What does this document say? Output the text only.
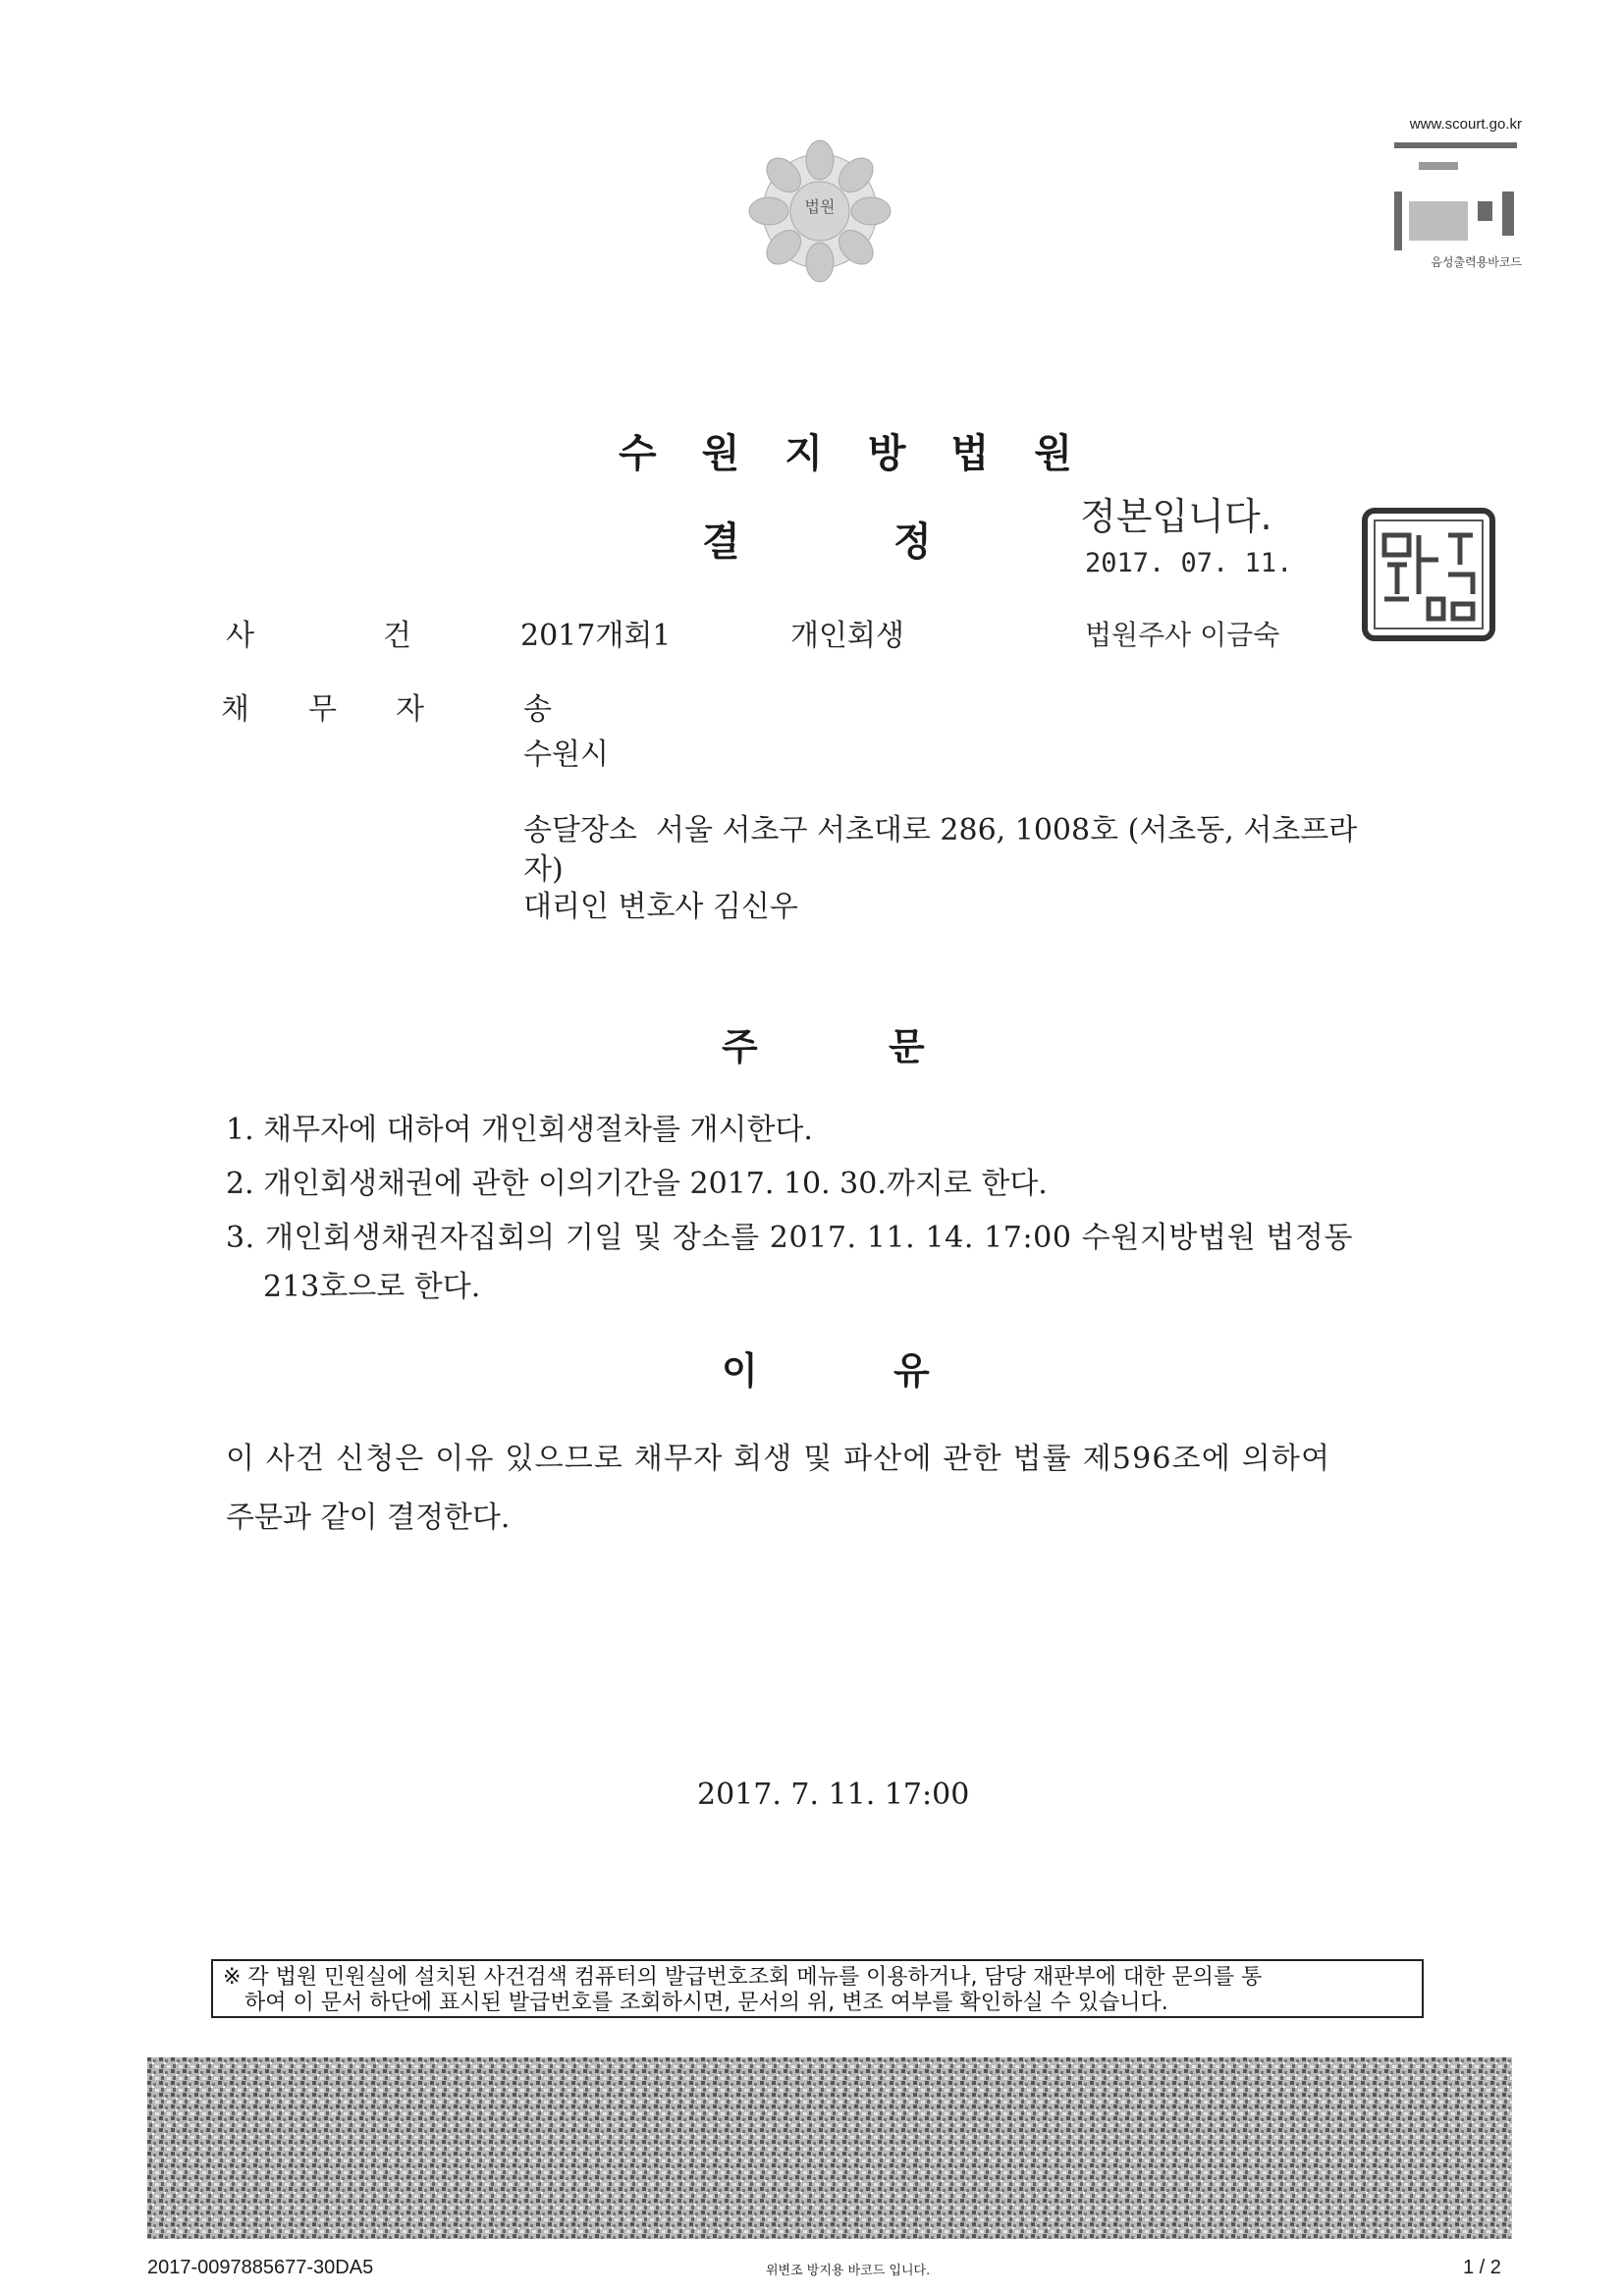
법원
www.scourt.go.kr
음성출력용바코드
수원지방법원
결	정
정본입니다.
2017. 07. 11.
법원주사 이금숙
사	건	2017개회1	개인회생
채무자 송
수원시
송달장소  서울 서초구 서초대로 286, 1008호 (서초동, 서초프라
자)
대리인 변호사 김신우
주	문
1. 채무자에 대하여 개인회생절차를 개시한다.
2. 개인회생채권에 관한 이의기간을 2017. 10. 30.까지로 한다.
3. 개인회생채권자집회의 기일 및 장소를 2017. 11. 14. 17:00 수원지방법원 법정동
213호으로 한다.
이	유
이 사건 신청은 이유 있으므로 채무자 회생 및 파산에 관한 법률 제596조에 의하여
주문과 같이 결정한다.
2017. 7. 11. 17:00
※ 각 법원 민원실에 설치된 사건검색 컴퓨터의 발급번호조회 메뉴를 이용하거나, 담당 재판부에 대한 문의를 통
하여 이 문서 하단에 표시된 발급번호를 조회하시면, 문서의 위, 변조 여부를 확인하실 수 있습니다.
2017-0097885677-30DA5	위변조 방지용 바코드 입니다.	1 / 2
